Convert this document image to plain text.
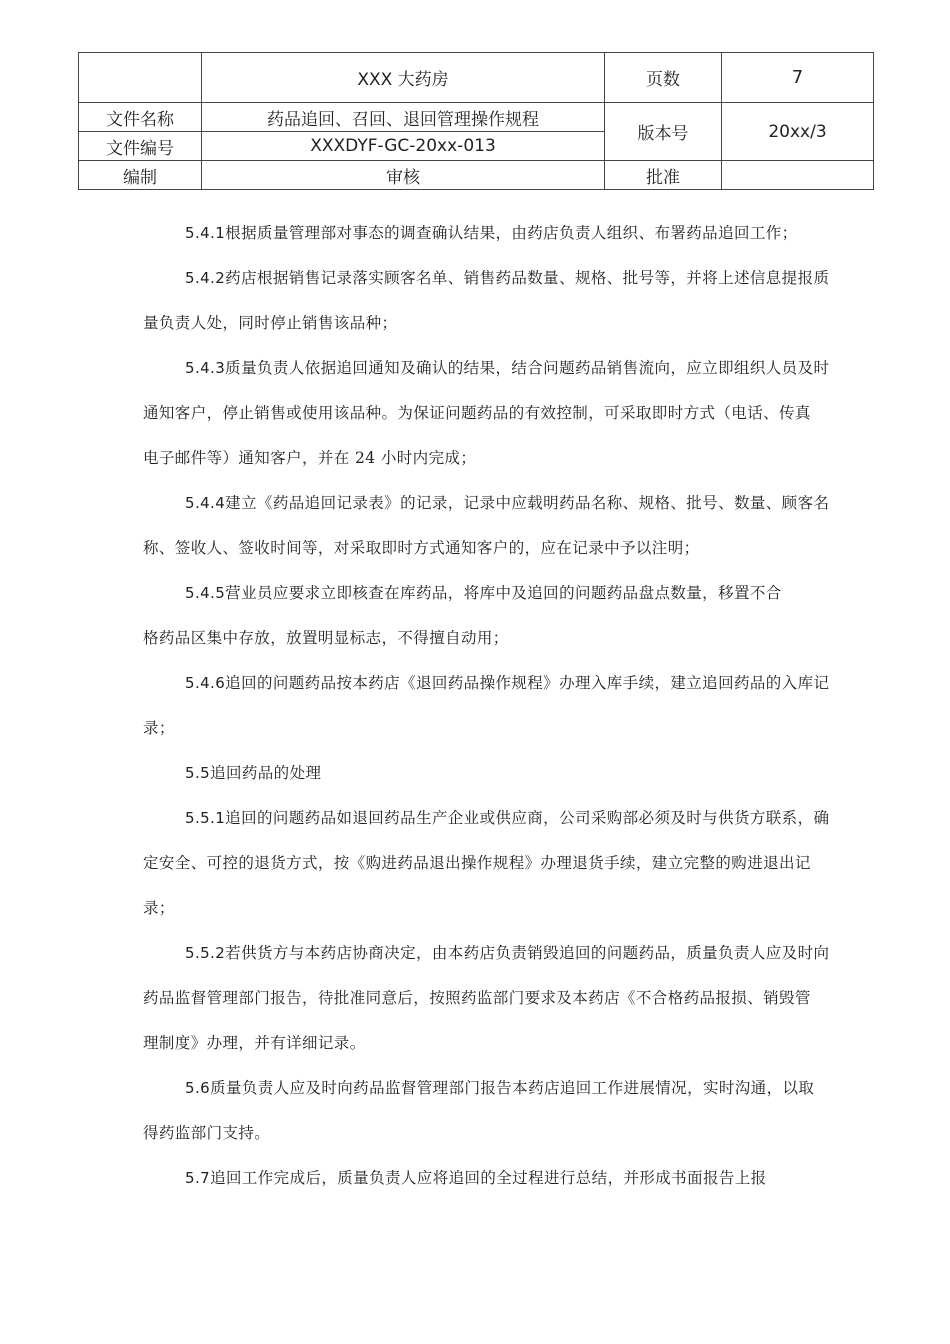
	XXX 大药房	页数	7
文件名称	药品追回、召回、退回管理操作规程	版本号	20xx/3
文件编号	XXXDYF-GC-20xx-013		
编制	审核	批准	

5.4.1根据质量管理部对事态的调查确认结果，由药店负责人组织、布署药品追回工作；

5.4.2药店根据销售记录落实顾客名单、销售药品数量、规格、批号等，并将上述信息提报质

量负责人处，同时停止销售该品种；

5.4.3质量负责人依据追回通知及确认的结果，结合问题药品销售流向，应立即组织人员及时

通知客户，停止销售或使用该品种。为保证问题药品的有效控制，可采取即时方式（电话、传真

电子邮件等）通知客户，并在 24 小时内完成；

5.4.4建立《药品追回记录表》的记录，记录中应载明药品名称、规格、批号、数量、顾客名

称、签收人、签收时间等，对采取即时方式通知客户的，应在记录中予以注明；

5.4.5营业员应要求立即核查在库药品，将库中及追回的问题药品盘点数量，移置不合

格药品区集中存放，放置明显标志，不得擅自动用；

5.4.6追回的问题药品按本药店《退回药品操作规程》办理入库手续，建立追回药品的入库记

录；

5.5追回药品的处理

5.5.1追回的问题药品如退回药品生产企业或供应商，公司采购部必须及时与供货方联系，确

定安全、可控的退货方式，按《购进药品退出操作规程》办理退货手续，建立完整的购进退出记

录；

5.5.2若供货方与本药店协商决定，由本药店负责销毁追回的问题药品，质量负责人应及时向

药品监督管理部门报告，待批准同意后，按照药监部门要求及本药店《不合格药品报损、销毁管

理制度》办理，并有详细记录。

5.6质量负责人应及时向药品监督管理部门报告本药店追回工作进展情况，实时沟通，以取

得药监部门支持。

5.7追回工作完成后，质量负责人应将追回的全过程进行总结，并形成书面报告上报
